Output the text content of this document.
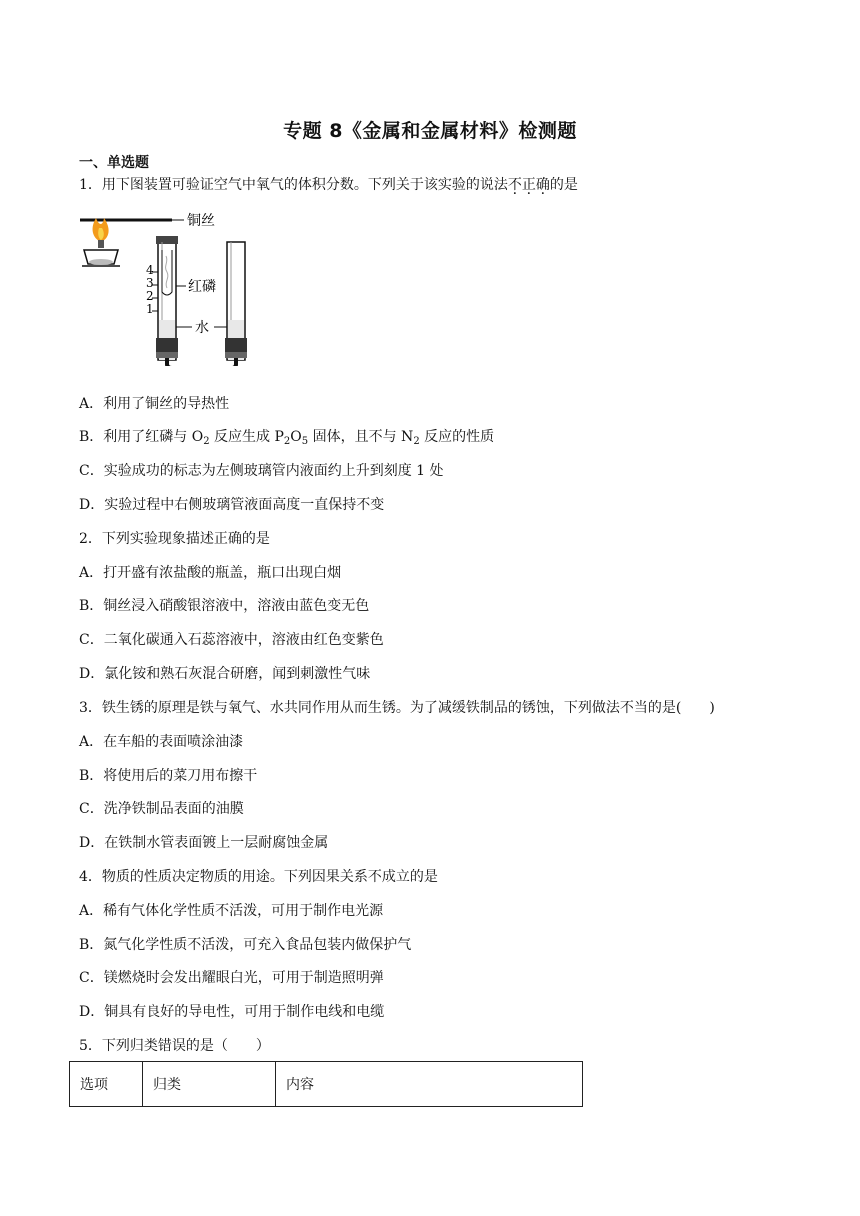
专题 8《金属和金属材料》检测题
一、单选题
1．用下图装置可验证空气中氧气的体积分数。下列关于该实验的说法不正确的是
铜丝
4
3
2
1
红磷
水
A．利用了铜丝的导热性
B．利用了红磷与 $O_2$ 反应生成 $P_2O_5$ 固体，且不与 $N_2$ 反应的性质
C．实验成功的标志为左侧玻璃管内液面约上升到刻度 1 处
D．实验过程中右侧玻璃管液面高度一直保持不变
2．下列实验现象描述正确的是
A．打开盛有浓盐酸的瓶盖，瓶口出现白烟
B．铜丝浸入硝酸银溶液中，溶液由蓝色变无色
C．二氧化碳通入石蕊溶液中，溶液由红色变紫色
D．氯化铵和熟石灰混合研磨，闻到刺激性气味
3．铁生锈的原理是铁与氧气、水共同作用从而生锈。为了减缓铁制品的锈蚀，下列做法不当的是(　　)
A．在车船的表面喷涂油漆
B．将使用后的菜刀用布擦干
C．洗净铁制品表面的油膜
D．在铁制水管表面镀上一层耐腐蚀金属
4．物质的性质决定物质的用途。下列因果关系不成立的是
A．稀有气体化学性质不活泼，可用于制作电光源
B．氮气化学性质不活泼，可充入食品包装内做保护气
C．镁燃烧时会发出耀眼白光，可用于制造照明弹
D．铜具有良好的导电性，可用于制作电线和电缆
5．下列归类错误的是（　　）
选项	归类	内容
